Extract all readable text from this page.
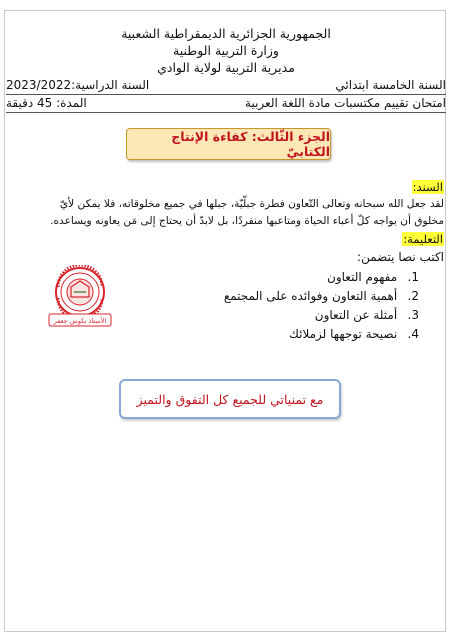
الجمهورية الجزائرية الديمقراطية الشعبية
وزارة التربية الوطنية
مديرية التربية لولاية الوادي
السنة الخامسة ابتدائي
السنة الدراسية:2023/2022
امتحان تقييم مكتسبات مادة اللغة العربية
المدة: 45 دقيقة
الجزء الثّالث: كفاءة الإنتاج الكتابيّ
السند:
لقد جعل الله سبحانه وتعالى التّعاون فطرة جبلّيّة، جبلها في جميع مخلوقاته، فلا يمكن لأيّ
مخلوق أن يواجه كلّ أعباء الحياة ومتاعبها منفردًا، بل لابدّ أن يحتاج إلى مَن يعاونه ويساعده.
التعليمة:
اكتب نصا يتضمن:
1. مفهوم التعاون
2. أهمية التعاون وفوائده على المجتمع
3. أمثلة عن التعاون
4. نصيحة توجهها لزملائك
الأستاذ بكوش جعفر
مع تمنياتي للجميع كل التفوق والتميز
